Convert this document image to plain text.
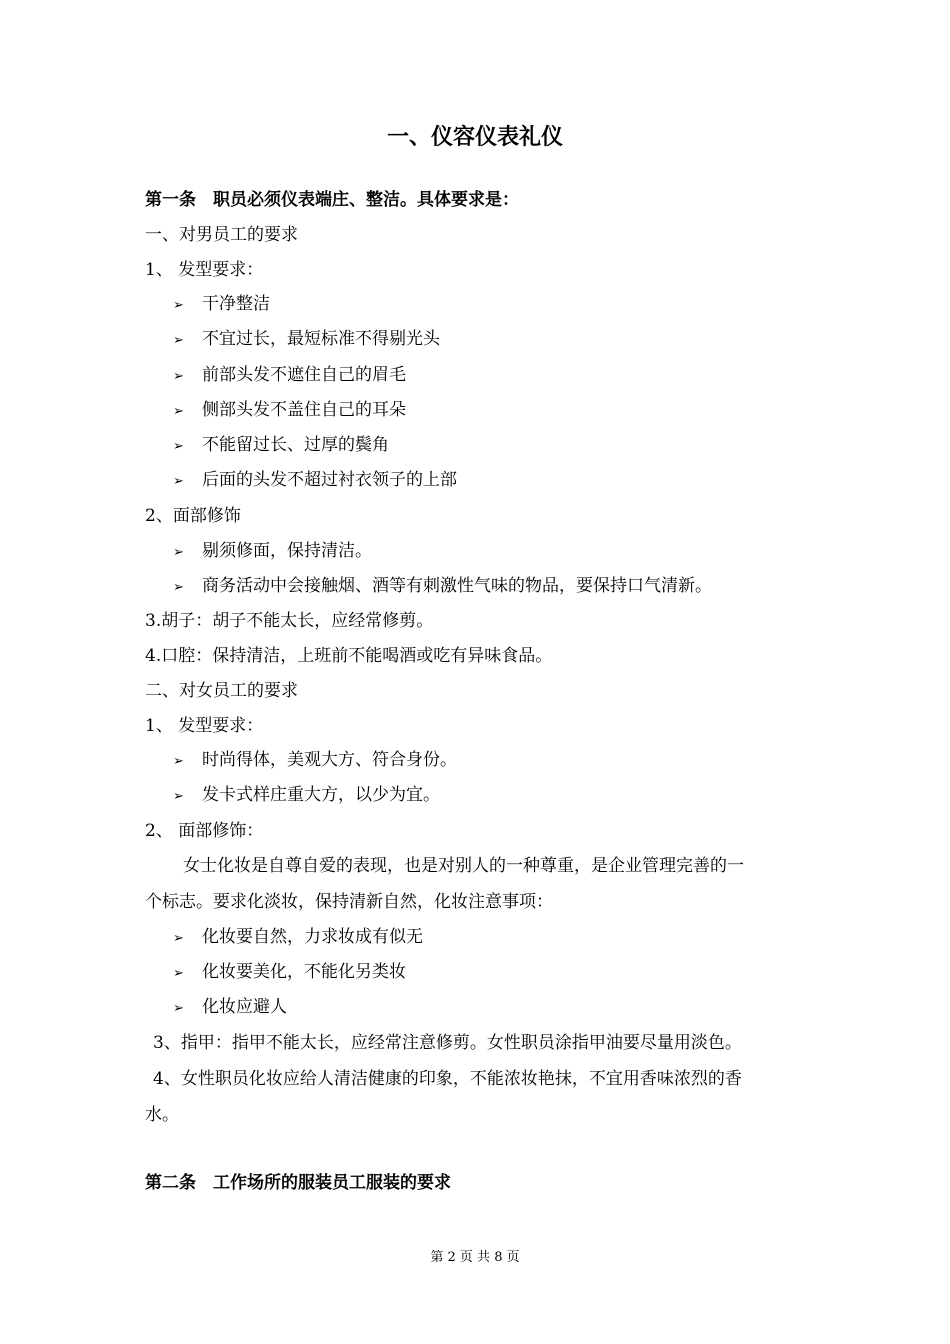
一、仪容仪表礼仪
第一条　职员必须仪表端庄、整洁。具体要求是：
一、对男员工的要求
1、 发型要求：
➢ 干净整洁
➢ 不宜过长，最短标准不得剔光头
➢ 前部头发不遮住自己的眉毛
➢ 侧部头发不盖住自己的耳朵
➢ 不能留过长、过厚的鬓角
➢ 后面的头发不超过衬衣领子的上部
2、面部修饰
➢ 剔须修面，保持清洁。
➢ 商务活动中会接触烟、酒等有刺激性气味的物品，要保持口气清新。
3.胡子：胡子不能太长，应经常修剪。
4.口腔：保持清洁，上班前不能喝酒或吃有异味食品。
二、对女员工的要求
1、 发型要求：
➢ 时尚得体，美观大方、符合身份。
➢ 发卡式样庄重大方，以少为宜。
2、 面部修饰：
女士化妆是自尊自爱的表现，也是对别人的一种尊重，是企业管理完善的一
个标志。要求化淡妆，保持清新自然，化妆注意事项：
➢ 化妆要自然，力求妆成有似无
➢ 化妆要美化，不能化另类妆
➢ 化妆应避人
3、指甲：指甲不能太长，应经常注意修剪。女性职员涂指甲油要尽量用淡色。
4、女性职员化妆应给人清洁健康的印象，不能浓妆艳抹，不宜用香味浓烈的香
水。
第二条　工作场所的服装员工服装的要求
第 2 页 共 8 页
